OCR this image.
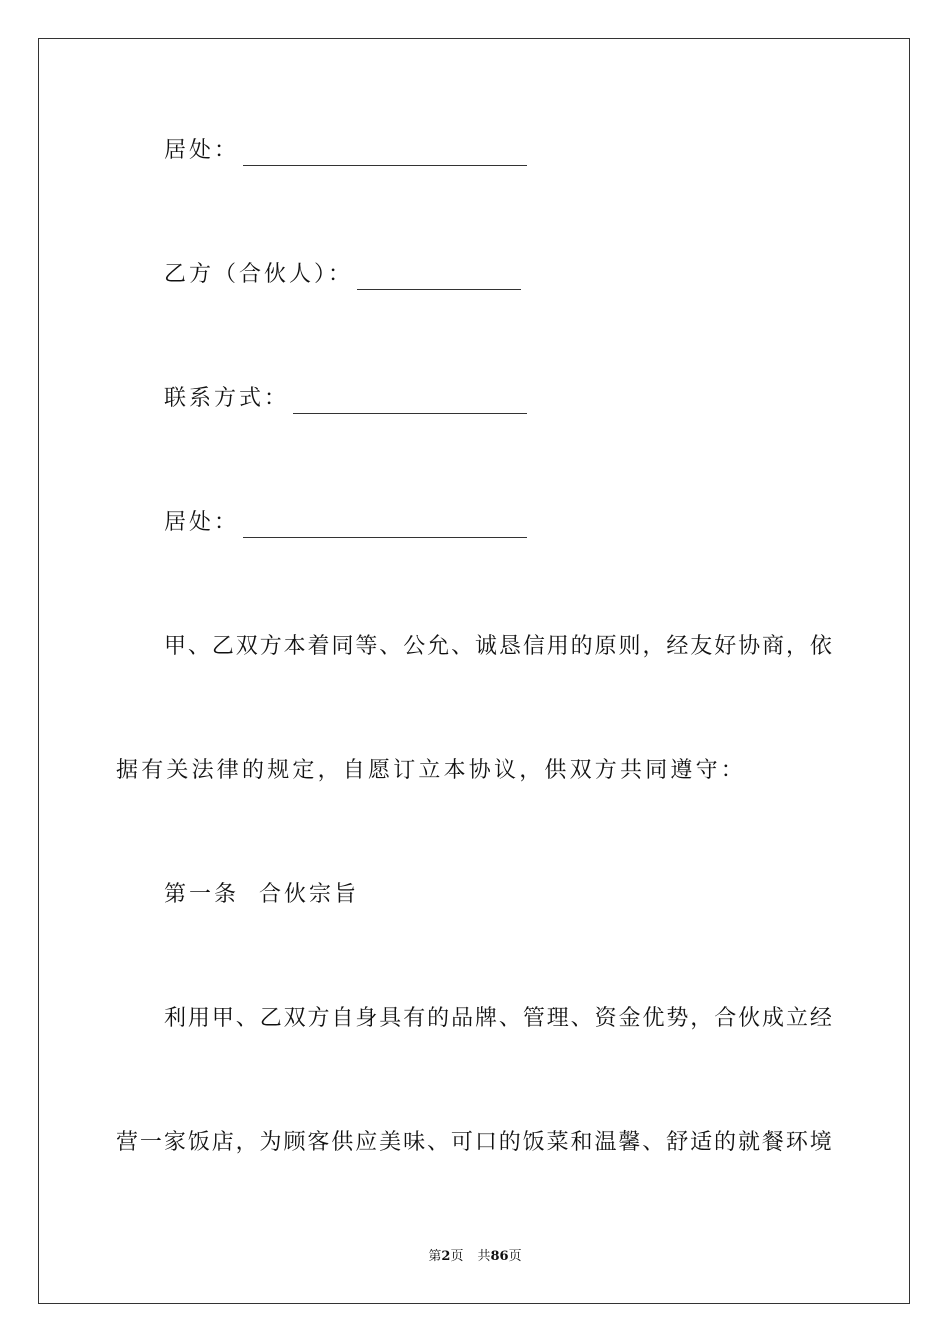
居处：
乙方（合伙人）：
联系方式：
居处：
甲 、 乙 双 方 本 着 同 等 、 公 允 、 诚 恳 信 用 的 原 则 ， 经 友 好 协 商 ， 依
据有关法律的规定，自愿订立本协议，供双方共同遵守：
第一条  合伙宗旨
利 用 甲 、 乙 双 方 自 身 具 有 的 品 牌 、 管 理 、 资 金 优 势 ， 合 伙 成 立 经
营 一 家 饭 店 ， 为 顾 客 供 应 美 味 、 可 口 的 饭 菜 和 温 馨 、 舒 适 的 就 餐 环 境
第2页 共86页
